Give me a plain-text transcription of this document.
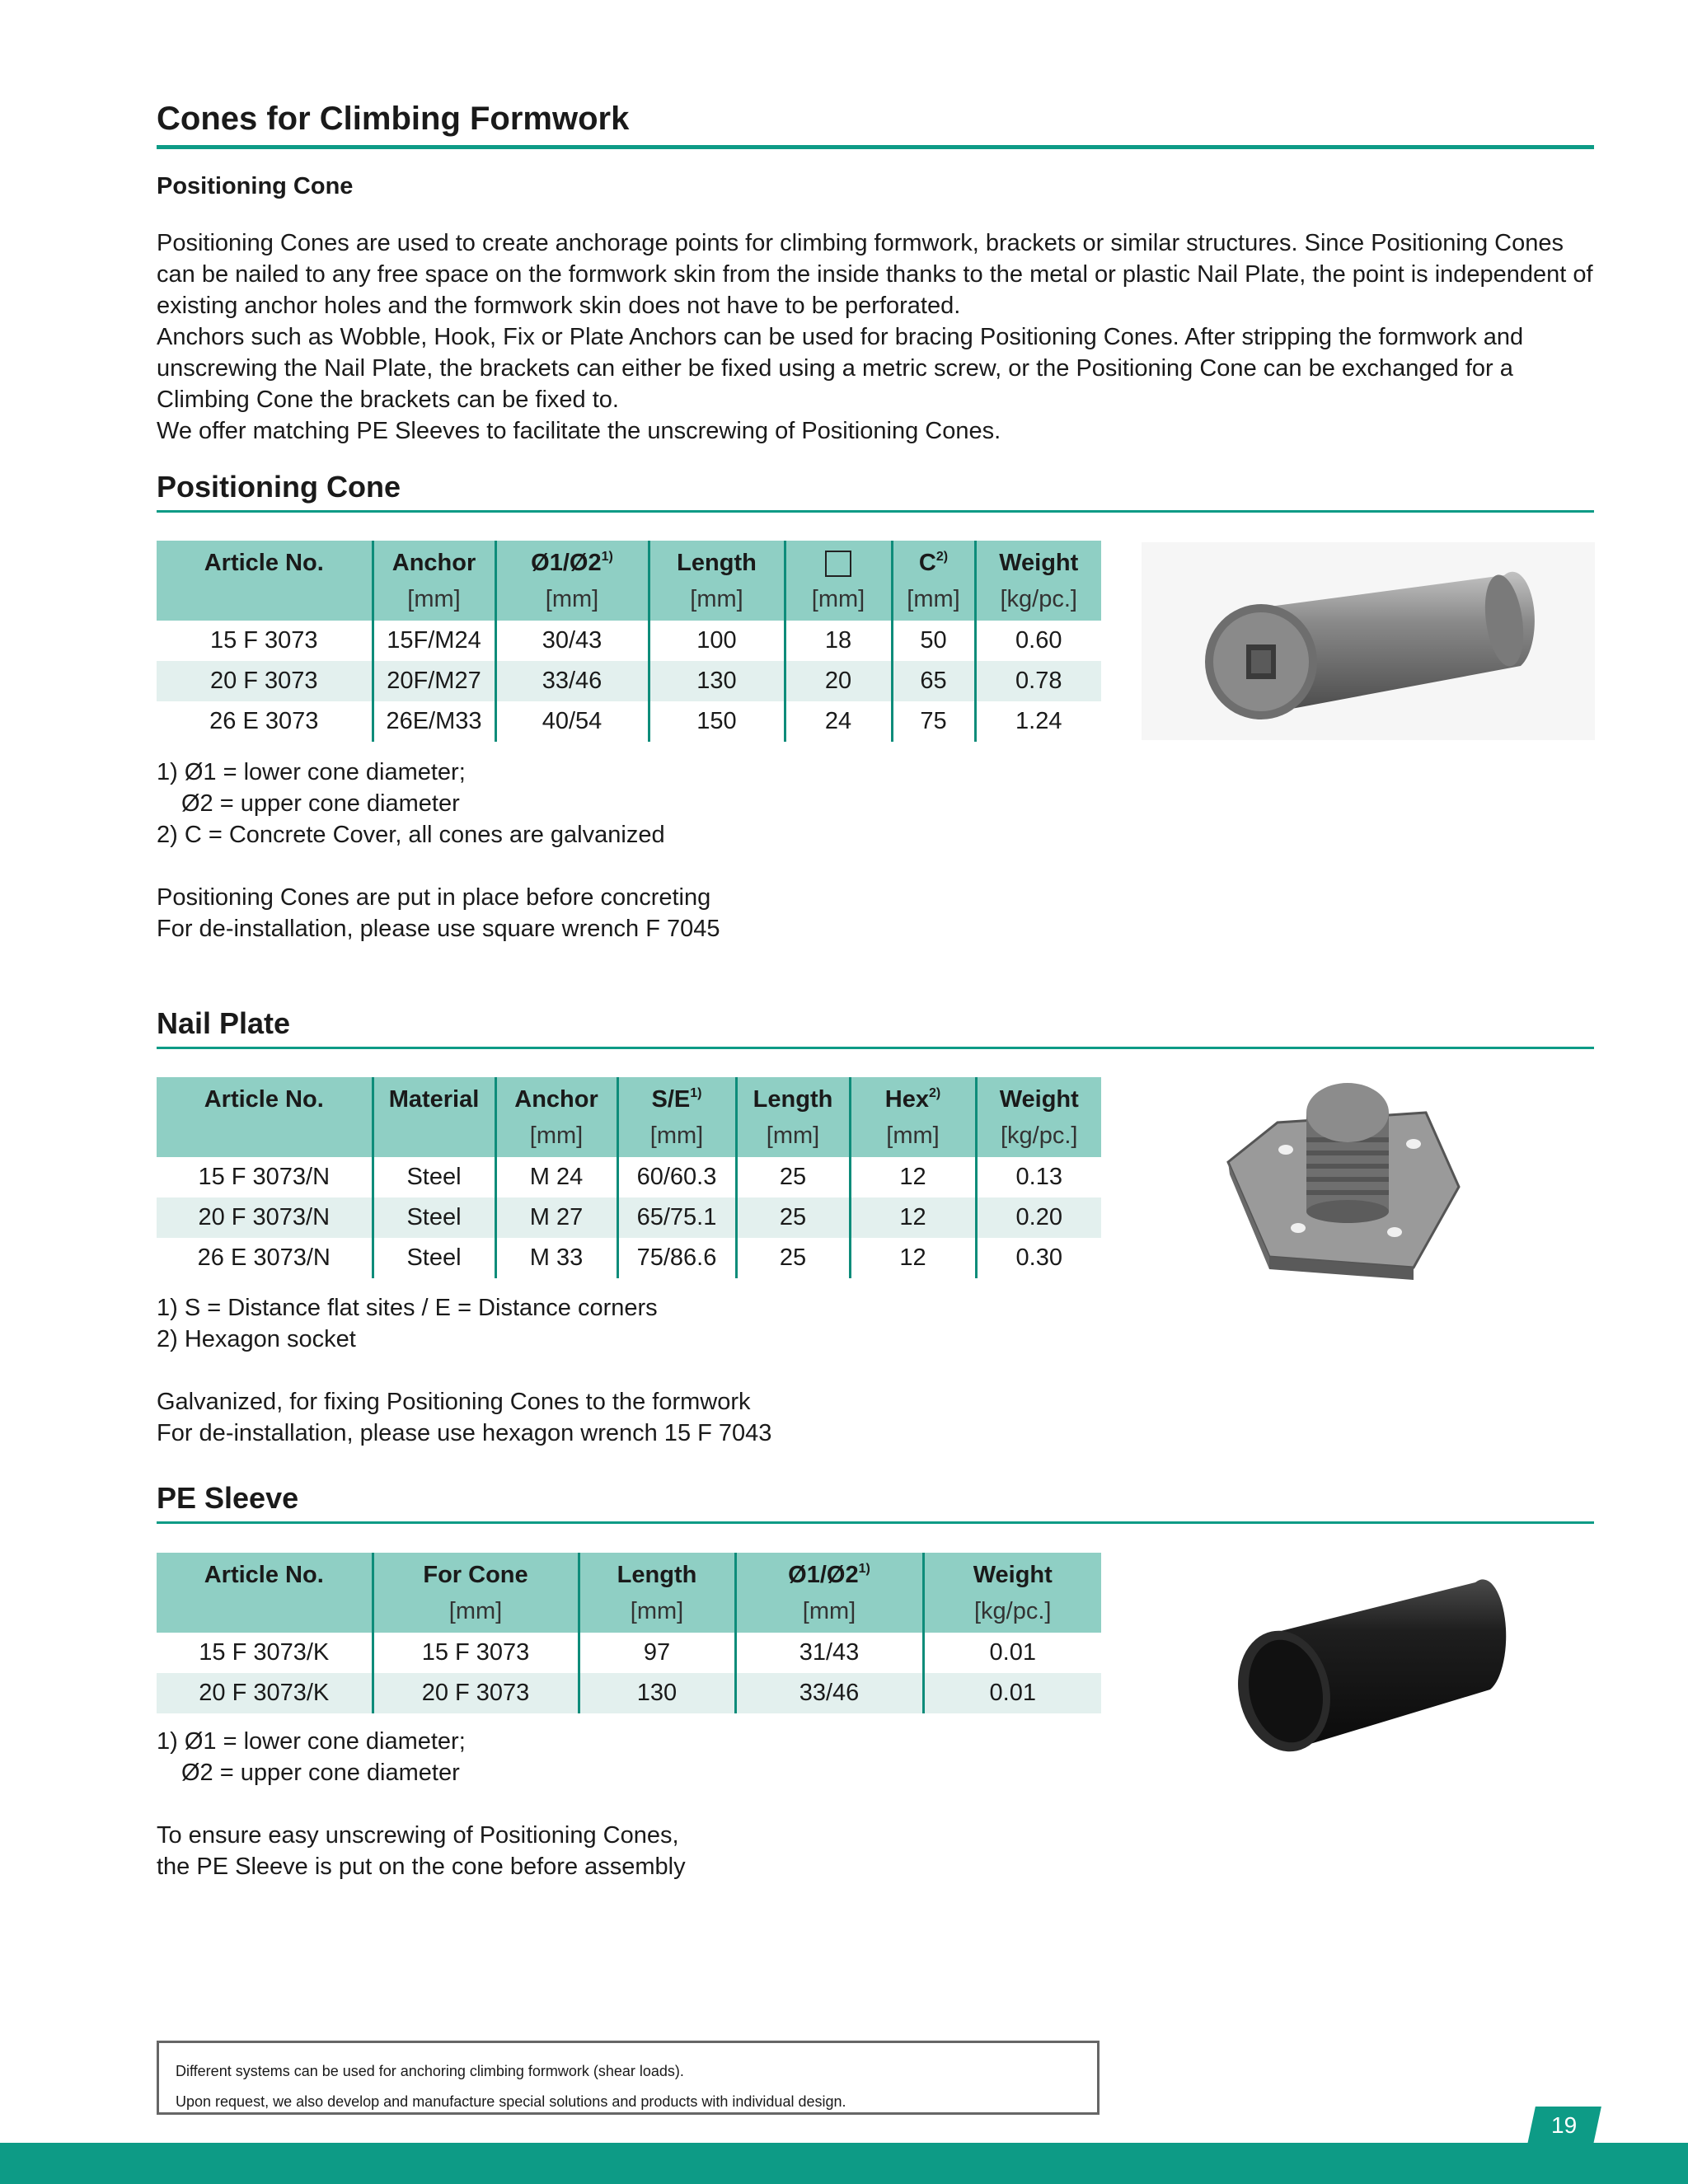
Cones for Climbing Formwork
Positioning Cone

Positioning Cones are used to create anchorage points for climbing formwork, brackets or similar structures. Since Positioning Cones can be nailed to any free space on the formwork skin from the inside thanks to the metal or plastic Nail Plate, the point is independent of existing anchor holes and the formwork skin does not have to be perforated.

Anchors such as Wobble, Hook, Fix or Plate Anchors can be used for bracing Positioning Cones. After stripping the formwork and unscrewing the Nail Plate, the brackets can either be fixed using a metric screw, or the Positioning Cone can be exchanged for a Climbing Cone the brackets can be fixed to.

We offer matching PE Sleeves to facilitate the unscrewing of Positioning Cones.

Positioning Cone
Article No.	Anchor	Ø1/Ø2$^{1)}$	Length		$C^{2)}$	Weight
	[mm]	[mm]	[mm]	[mm]	[mm]	[kg/pc.]
15 F 3073	15F/M24	30/43	100	18	50	0.60
20 F 3073	20F/M27	33/46	130	20	65	0.78
26 E 3073	26E/M33	40/54	150	24	75	1.24

1) Ø1 = lower cone diameter;

Ø2 = upper cone diameter

2) C = Concrete Cover, all cones are galvanized

Positioning Cones are put in place before concreting

For de-installation, please use square wrench F 7045

Nail Plate
Article No.	Material	Anchor	$S/E^{1)}$	Length	Hex$^{2)}$	Weight
		[mm]	[mm]	[mm]	[mm]	[kg/pc.]
15 F 3073/N	Steel	M 24	60/60.3	25	12	0.13
20 F 3073/N	Steel	M 27	65/75.1	25	12	0.20
26 E 3073/N	Steel	M 33	75/86.6	25	12	0.30

1) S = Distance flat sites / E = Distance corners

2) Hexagon socket

Galvanized, for fixing Positioning Cones to the formwork

For de-installation, please use hexagon wrench 15 F 7043

PE Sleeve
Article No.	For Cone	Length	Ø1/Ø2$^{1)}$	Weight
	[mm]	[mm]	[mm]	[kg/pc.]
15 F 3073/K	15 F 3073	97	31/43	0.01
20 F 3073/K	20 F 3073	130	33/46	0.01

1) Ø1 = lower cone diameter;

Ø2 = upper cone diameter

To ensure easy unscrewing of Positioning Cones,

the PE Sleeve is put on the cone before assembly

Different systems can be used for anchoring climbing formwork (shear loads).

Upon request, we also develop and manufacture special solutions and products with individual design.

19
